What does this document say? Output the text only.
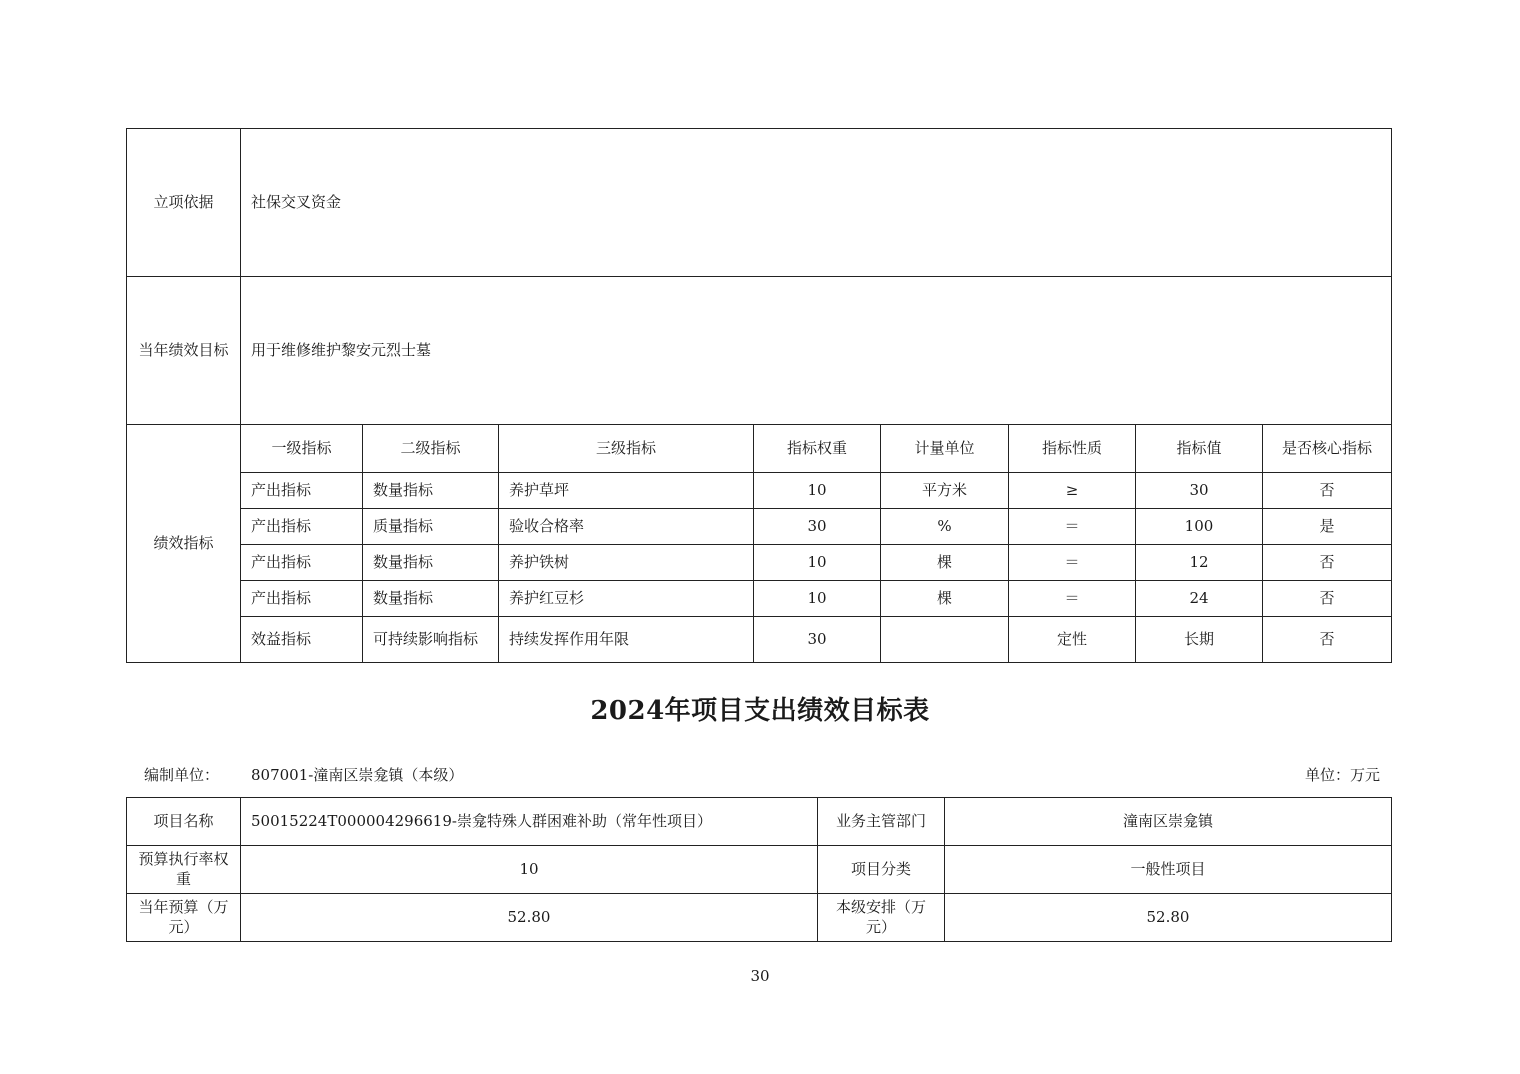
立项依据	社保交叉资金							
当年绩效目标	用于维修维护黎安元烈士墓							
绩效指标	一级指标	二级指标	三级指标	指标权重	计量单位	指标性质	指标值	是否核心指标
	产出指标	数量指标	养护草坪	10	平方米	≥	30	否
	产出指标	质量指标	验收合格率	30	%	＝	100	是
	产出指标	数量指标	养护铁树	10	棵	＝	12	否
	产出指标	数量指标	养护红豆杉	10	棵	＝	24	否
	效益指标	可持续影响指标	持续发挥作用年限	30		定性	长期	否
2024年项目支出绩效目标表
编制单位： 807001-潼南区崇龛镇（本级）	单位：万元
项目名称	50015224T000004296619-崇龛特殊人群困难补助（常年性项目）	业务主管部门	潼南区崇龛镇
预算执行率权重	10	项目分类	一般性项目
当年预算（万元）	52.80	本级安排（万元）	52.80
30
